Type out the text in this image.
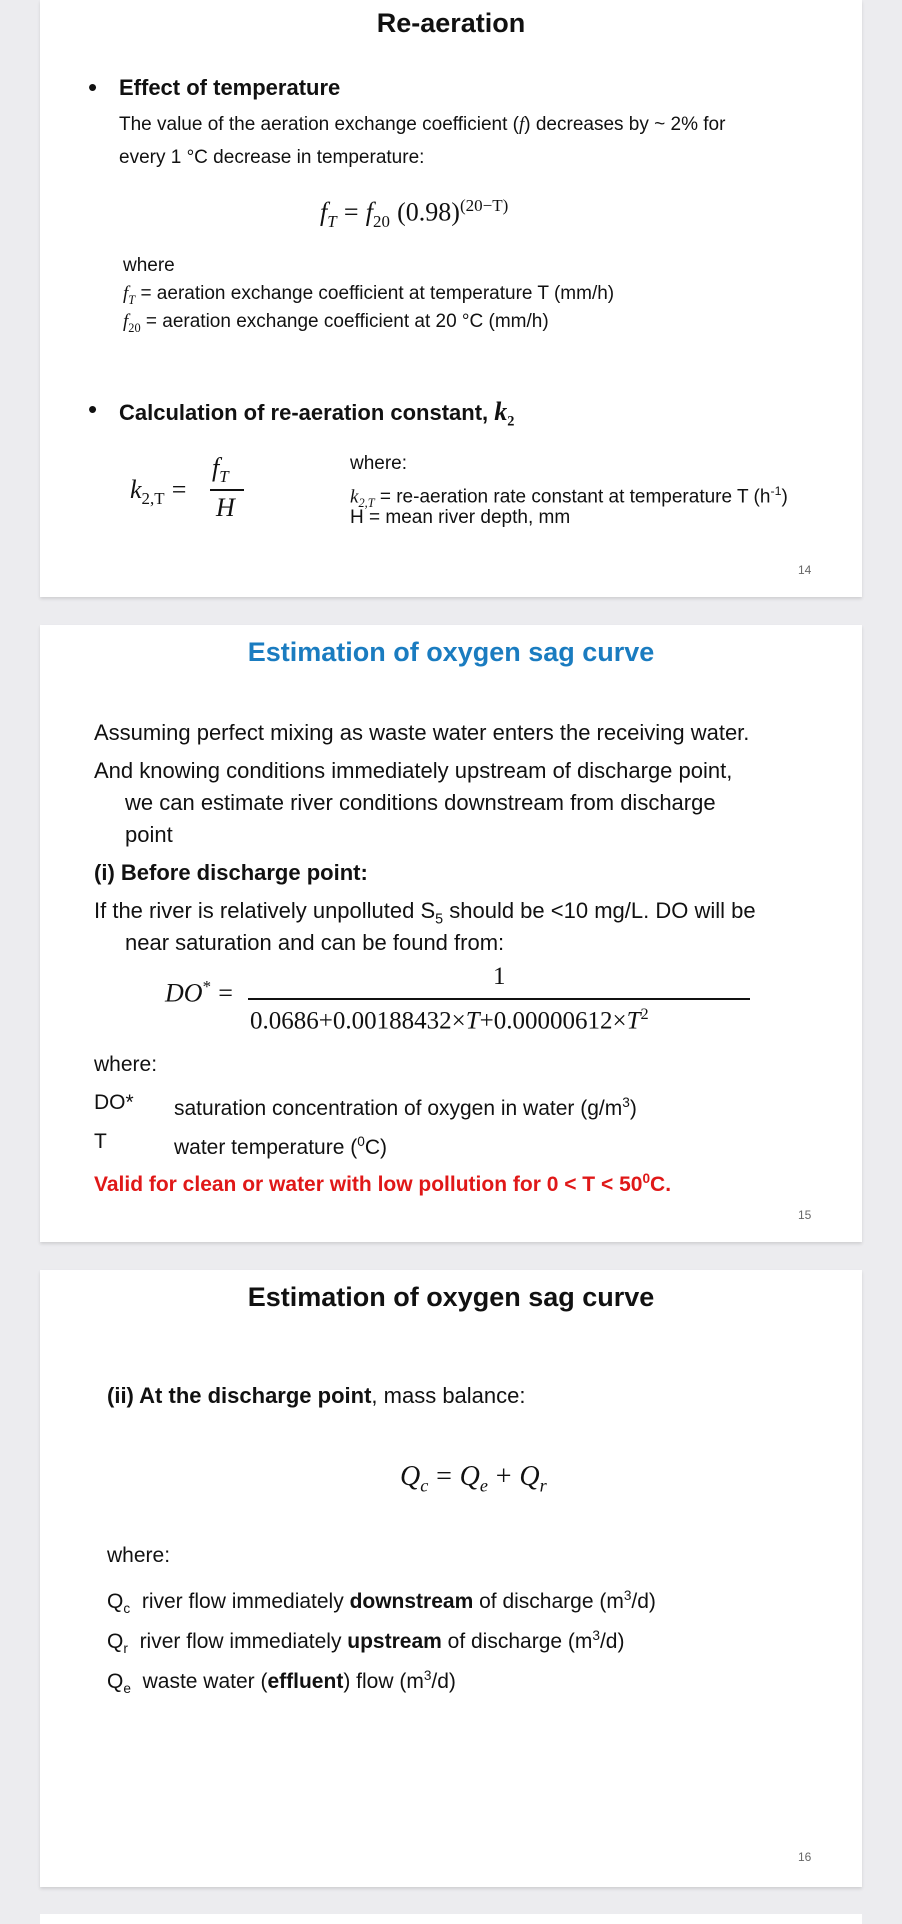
Re-aeration
• Effect of temperature
The value of the aeration exchange coefficient (f) decreases by ~ 2% for
every 1 °C decrease in temperature:
$f_T = f_{20}$ $(0.98)^{(20-T)}$
where
$f_T$ = aeration exchange coefficient at temperature T (mm/h)
$f_{20}$ = aeration exchange coefficient at 20 °C (mm/h)
• Calculation of re-aeration constant, $k_2$
$k_{2,T}$ =
$f_T$
H
where:
$k_{2,T}$ = re-aeration rate constant at temperature T $(h^{-1})$
H = mean river depth, mm
14
Estimation of oxygen sag curve
Assuming perfect mixing as waste water enters the receiving water.
And knowing conditions immediately upstream of discharge point,
we can estimate river conditions downstream from discharge
point
(i) Before discharge point:
If the river is relatively unpolluted $S_5$ should be <10 mg/L. DO will be
near saturation and can be found from:
DO* =
1
$0.0686+0.00188432\times T+0.00000612\times T^2$
where:
DO* saturation concentration of oxygen in water $(g/m^3)$
T	water temperature ($^0$C)
Valid for clean or water with low pollution for $0 < T < 50^0C$.
15
Estimation of oxygen sag curve
(ii) At the discharge point, mass balance:
$Q_c = Q_e + Q_r$
where:
$Q_c$ river flow immediately downstream of discharge $(m^3/d)$
$Q_r$ river flow immediately upstream of discharge $(m^3/d)$
$Q_e$ waste water (effluent) flow $(m^3/d)$
16
